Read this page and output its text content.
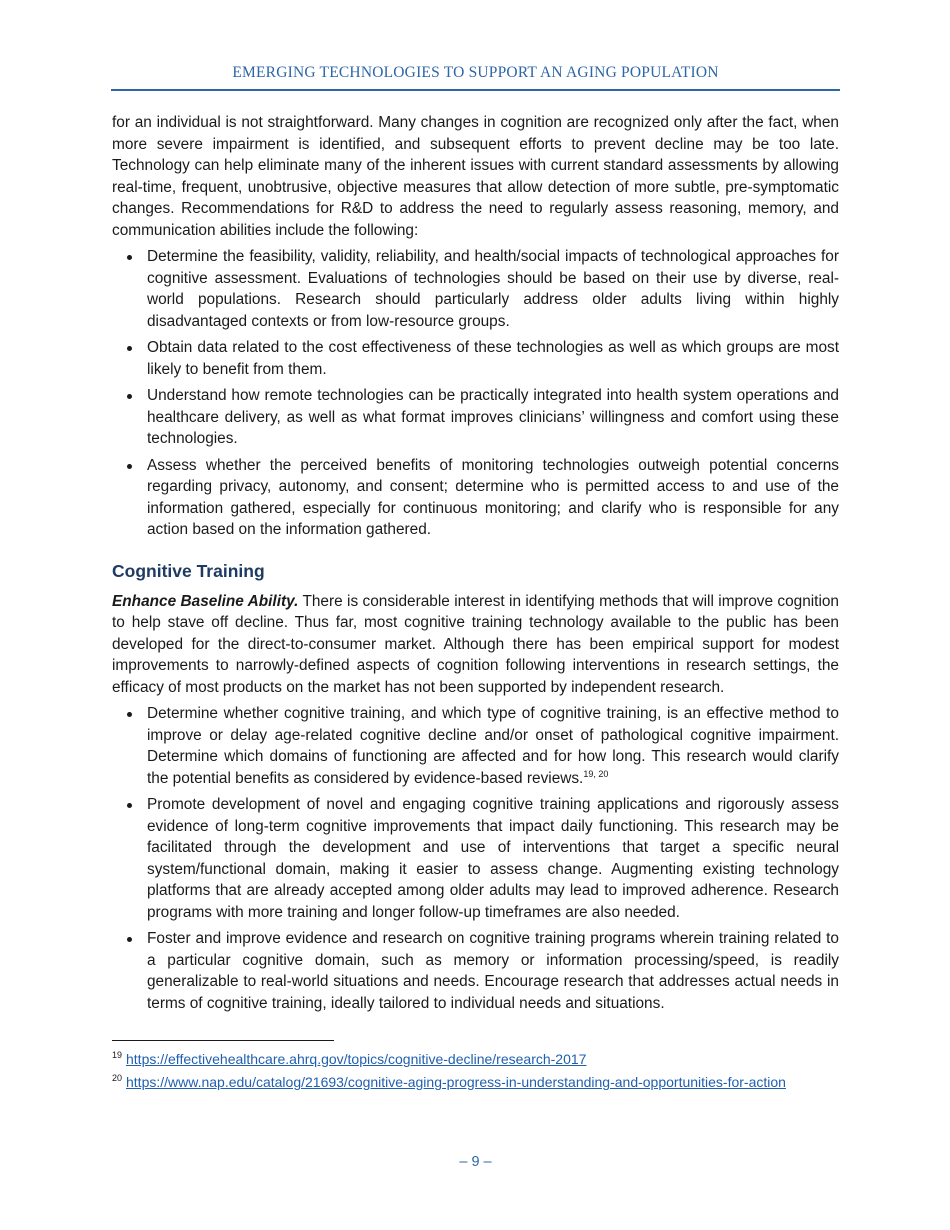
EMERGING TECHNOLOGIES TO SUPPORT AN AGING POPULATION

for an individual is not straightforward. Many changes in cognition are recognized only after the fact, when more severe impairment is identified, and subsequent efforts to prevent decline may be too late. Technology can help eliminate many of the inherent issues with current standard assessments by allowing real-time, frequent, unobtrusive, objective measures that allow detection of more subtle, pre-symptomatic changes. Recommendations for R&D to address the need to regularly assess reasoning, memory, and communication abilities include the following:

Determine the feasibility, validity, reliability, and health/social impacts of technological approaches for cognitive assessment. Evaluations of technologies should be based on their use by diverse, real-world populations. Research should particularly address older adults living within highly disadvantaged contexts or from low-resource groups.
Obtain data related to the cost effectiveness of these technologies as well as which groups are most likely to benefit from them.
Understand how remote technologies can be practically integrated into health system operations and healthcare delivery, as well as what format improves clinicians’ willingness and comfort using these technologies.
Assess whether the perceived benefits of monitoring technologies outweigh potential concerns regarding privacy, autonomy, and consent; determine who is permitted access to and use of the information gathered, especially for continuous monitoring; and clarify who is responsible for any action based on the information gathered.
Cognitive Training

Enhance Baseline Ability. There is considerable interest in identifying methods that will improve cognition to help stave off decline. Thus far, most cognitive training technology available to the public has been developed for the direct-to-consumer market. Although there has been empirical support for modest improvements to narrowly-defined aspects of cognition following interventions in research settings, the efficacy of most products on the market has not been supported by independent research.

Determine whether cognitive training, and which type of cognitive training, is an effective method to improve or delay age-related cognitive decline and/or onset of pathological cognitive impairment. Determine which domains of functioning are affected and for how long. This research would clarify the potential benefits as considered by evidence-based reviews.$^{19, 20}$
Promote development of novel and engaging cognitive training applications and rigorously assess evidence of long-term cognitive improvements that impact daily functioning. This research may be facilitated through the development and use of interventions that target a specific neural system/functional domain, making it easier to assess change. Augmenting existing technology platforms that are already accepted among older adults may lead to improved adherence. Research programs with more training and longer follow-up timeframes are also needed.
Foster and improve evidence and research on cognitive training programs wherein training related to a particular cognitive domain, such as memory or information processing/speed, is readily generalizable to real-world situations and needs. Encourage research that addresses actual needs in terms of cognitive training, ideally tailored to individual needs and situations.
19 https://effectivehealthcare.ahrq.gov/topics/cognitive-decline/research-2017
20 https://www.nap.edu/catalog/21693/cognitive-aging-progress-in-understanding-and-opportunities-for-action
– 9 –
